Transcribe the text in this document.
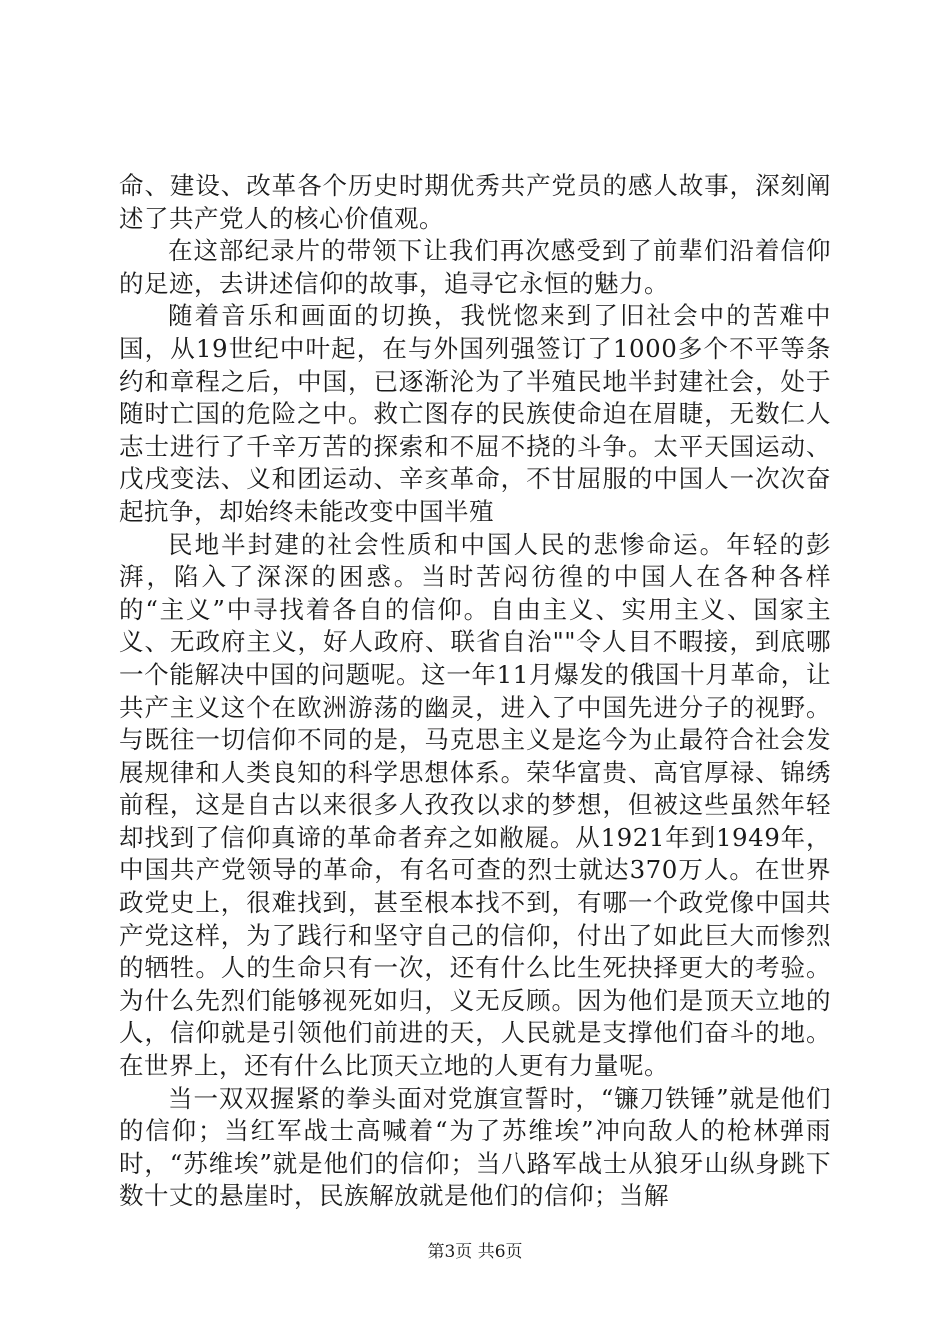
命、建设、改革各个历史时期优秀共产党员的感人故事，深刻阐述了共产党人的核心价值观。

在这部纪录片的带领下让我们再次感受到了前辈们沿着信仰的足迹，去讲述信仰的故事，追寻它永恒的魅力。

随着音乐和画面的切换，我恍惚来到了旧社会中的苦难中国，从19世纪中叶起，在与外国列强签订了1000多个不平等条约和章程之后，中国，已逐渐沦为了半殖民地半封建社会，处于随时亡国的危险之中。救亡图存的民族使命迫在眉睫，无数仁人志士进行了千辛万苦的探索和不屈不挠的斗争。太平天国运动、戊戌变法、义和团运动、辛亥革命，不甘屈服的中国人一次次奋起抗争，却始终未能改变中国半殖

民地半封建的社会性质和中国人民的悲惨命运。年轻的彭湃，陷入了深深的困惑。当时苦闷彷徨的中国人在各种各样的“主义”中寻找着各自的信仰。自由主义、实用主义、国家主义、无政府主义，好人政府、联省自治""令人目不暇接，到底哪一个能解决中国的问题呢。这一年11月爆发的俄国十月革命，让共产主义这个在欧洲游荡的幽灵，进入了中国先进分子的视野。与既往一切信仰不同的是，马克思主义是迄今为止最符合社会发展规律和人类良知的科学思想体系。荣华富贵、高官厚禄、锦绣前程，这是自古以来很多人孜孜以求的梦想，但被这些虽然年轻却找到了信仰真谛的革命者弃之如敝屣。从1921年到1949年，中国共产党领导的革命，有名可查的烈士就达370万人。在世界政党史上，很难找到，甚至根本找不到，有哪一个政党像中国共产党这样，为了践行和坚守自己的信仰，付出了如此巨大而惨烈的牺牲。人的生命只有一次，还有什么比生死抉择更大的考验。为什么先烈们能够视死如归，义无反顾。因为他们是顶天立地的人，信仰就是引领他们前进的天，人民就是支撑他们奋斗的地。在世界上，还有什么比顶天立地的人更有力量呢。

当一双双握紧的拳头面对党旗宣誓时，“镰刀铁锤”就是他们的信仰；当红军战士高喊着“为了苏维埃”冲向敌人的枪林弹雨时，“苏维埃”就是他们的信仰；当八路军战士从狼牙山纵身跳下数十丈的悬崖时，民族解放就是他们的信仰；当解

第3页 共6页
